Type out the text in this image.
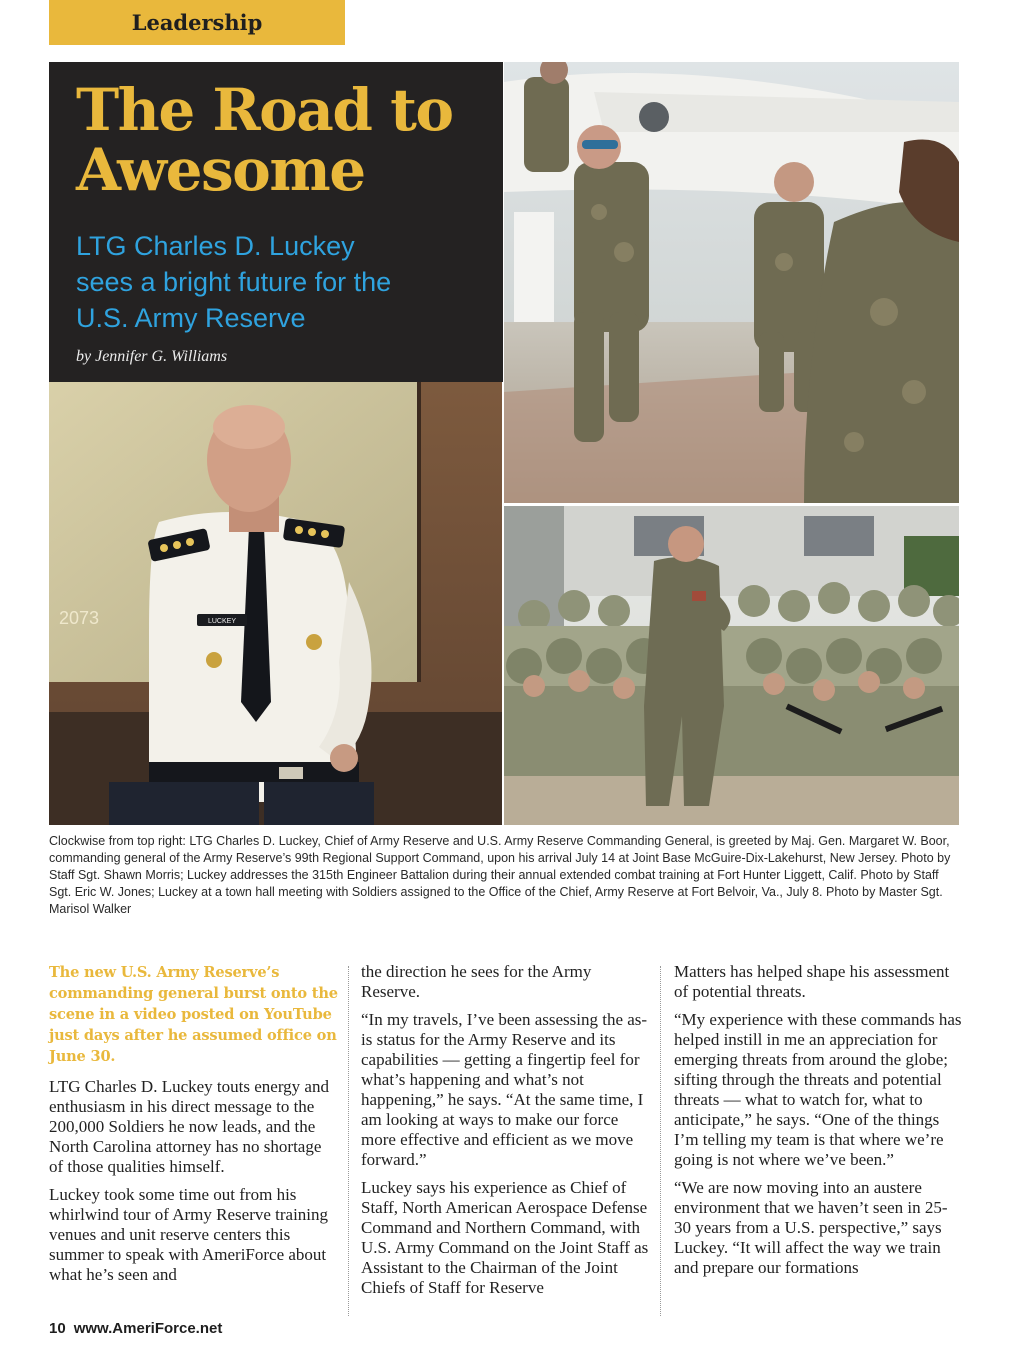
Leadership
The Road to
Awesome
LTG Charles D. Luckey
sees a bright future for the
U.S. Army Reserve
by Jennifer G. Williams
2073	LUCKEY

Clockwise from top right: LTG Charles D. Luckey, Chief of Army Reserve and U.S. Army Reserve Commanding General, is greeted by Maj. Gen. Margaret W. Boor, commanding general of the Army Reserve’s 99th Regional Support Command, upon his arrival July 14 at Joint Base McGuire-Dix-Lakehurst, New Jersey. Photo by Staff Sgt. Shawn Morris; Luckey addresses the 315th Engineer Battalion during their annual extended combat training at Fort Hunter Liggett, Calif. Photo by Staff Sgt. Eric W. Jones; Luckey at a town hall meeting with Soldiers assigned to the Office of the Chief, Army Reserve at Fort Belvoir, Va., July 8. Photo by Master Sgt. Marisol Walker

The new U.S. Army Reserve’s commanding general burst onto the scene in a video posted on YouTube just days after he assumed office on June 30.

LTG Charles D. Luckey touts energy and enthusiasm in his direct message to the 200,000 Soldiers he now leads, and the North Carolina attorney has no shortage of those qualities himself.

Luckey took some time out from his whirlwind tour of Army Reserve training venues and unit reserve centers this summer to speak with AmeriForce about what he’s seen and

the direction he sees for the Army Reserve.

“In my travels, I’ve been assessing the as-is status for the Army Reserve and its capabilities — getting a fingertip feel for what’s happening and what’s not happening,” he says. “At the same time, I am looking at ways to make our force more effective and efficient as we move forward.”

Luckey says his experience as Chief of Staff, North American Aerospace Defense Command and Northern Command, with U.S. Army Command on the Joint Staff as Assistant to the Chairman of the Joint Chiefs of Staff for Reserve

Matters has helped shape his assessment of potential threats.

“My experience with these commands has helped instill in me an appreciation for emerging threats from around the globe; sifting through the threats and potential threats — what to watch for, what to anticipate,” he says. “One of the things I’m telling my team is that where we’re going is not where we’ve been.”

“We are now moving into an austere environment that we haven’t seen in 25-30 years from a U.S. perspective,” says Luckey. “It will affect the way we train and prepare our formations

10 www.AmeriForce.net
